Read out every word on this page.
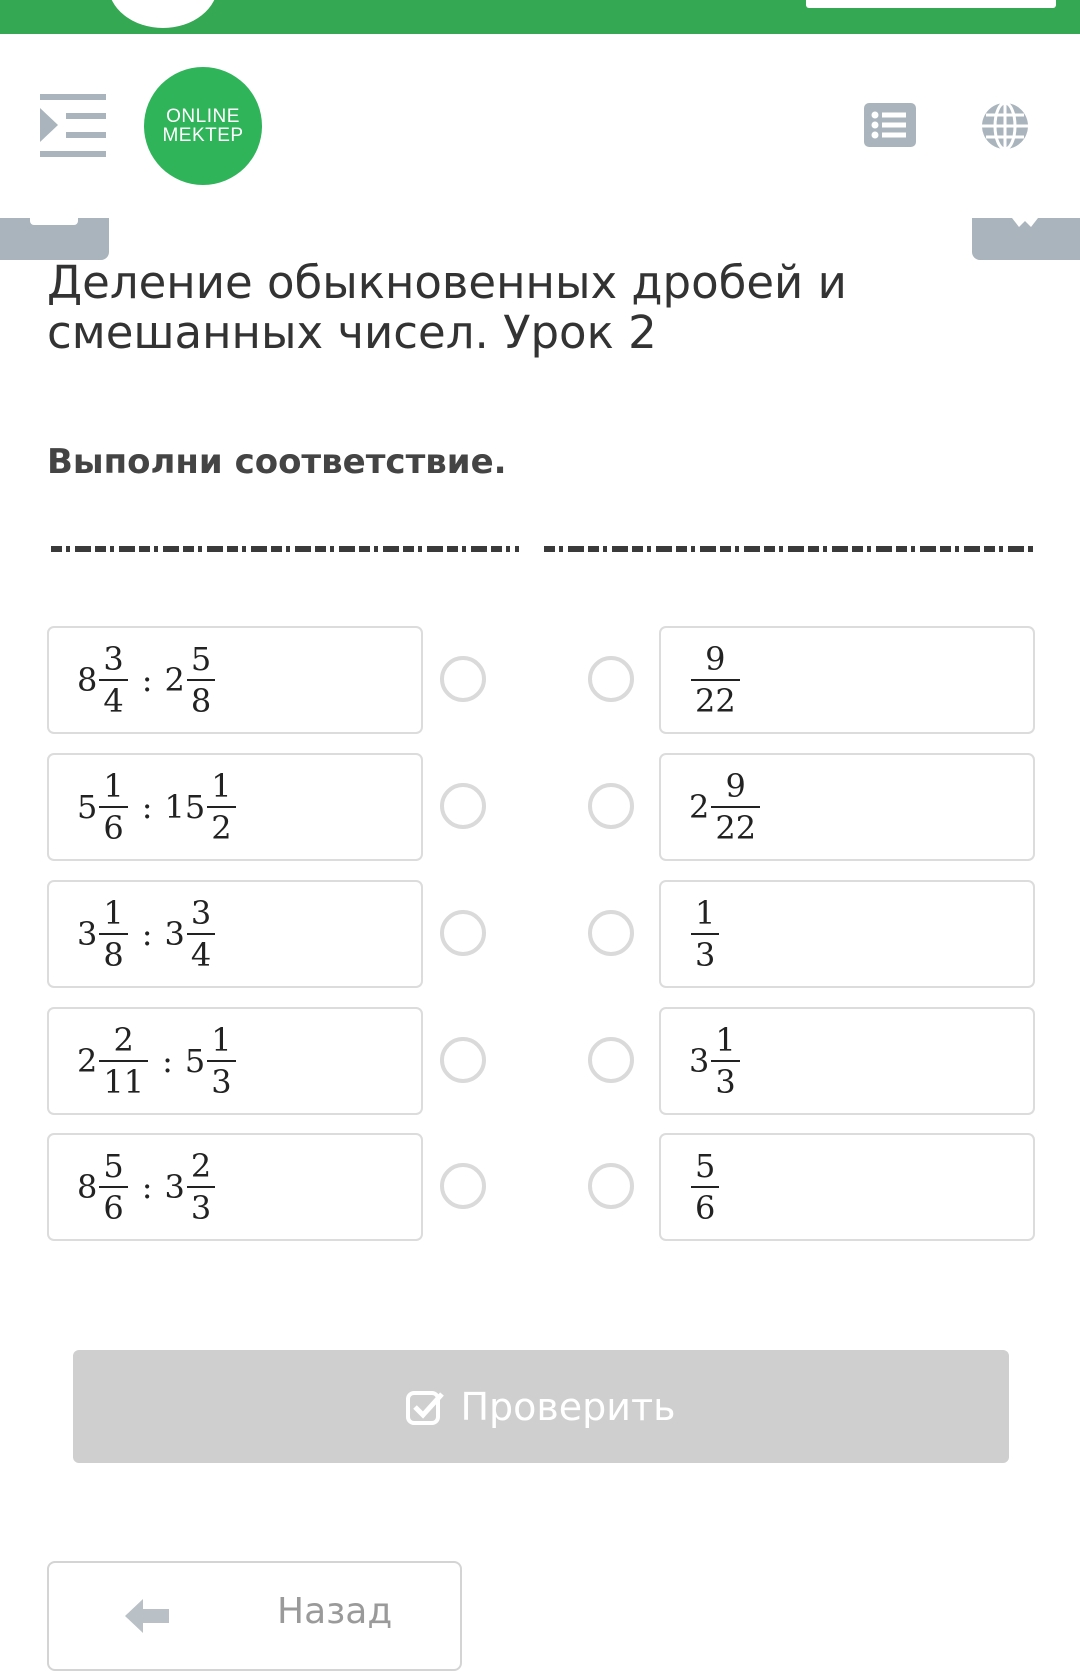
ONLINE
MEKTEP
Деление обыкновенных дробей и смешанных чисел. Урок 2

Выполни соответствие.

$8 \frac{3}{4}$ : $2 \frac{5}{8}$	$\frac{9}{22}$
$5 \frac{1}{6}$ : $15 \frac{1}{2}$	$2 \frac{9}{22}$
$3 \frac{1}{8}$ : $3 \frac{3}{4}$	$\frac{1}{3}$
$2 \frac{2}{11}$ : $5 \frac{1}{3}$	$3 \frac{1}{3}$
$8 \frac{5}{6}$ : $3 \frac{2}{3}$	$\frac{5}{6}$
Проверить
Назад
